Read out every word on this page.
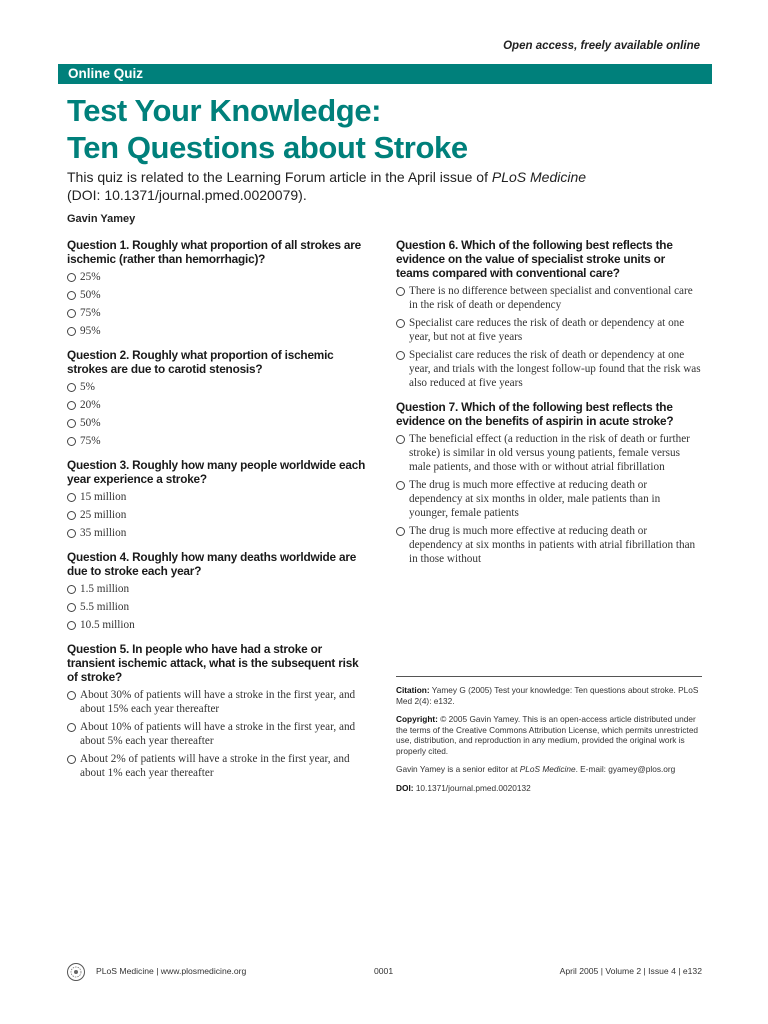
Open access, freely available online
Online Quiz
Test Your Knowledge:
Ten Questions about Stroke
This quiz is related to the Learning Forum article in the April issue of PLoS Medicine
(DOI: 10.1371/journal.pmed.0020079).
Gavin Yamey
Question 1. Roughly what proportion of all strokes are ischemic (rather than hemorrhagic)?
25%
50%
75%
95%
Question 2. Roughly what proportion of ischemic strokes are due to carotid stenosis?
5%
20%
50%
75%
Question 3. Roughly how many people worldwide each year experience a stroke?
15 million
25 million
35 million
Question 4. Roughly how many deaths worldwide are due to stroke each year?
1.5 million
5.5 million
10.5 million
Question 5. In people who have had a stroke or transient ischemic attack, what is the subsequent risk of stroke?
About 30% of patients will have a stroke in the first year, and about 15% each year thereafter
About 10% of patients will have a stroke in the first year, and about 5% each year thereafter
About 2% of patients will have a stroke in the first year, and about 1% each year thereafter
Question 6. Which of the following best reflects the evidence on the value of specialist stroke units or teams compared with conventional care?
There is no difference between specialist and conventional care in the risk of death or dependency
Specialist care reduces the risk of death or dependency at one year, but not at five years
Specialist care reduces the risk of death or dependency at one year, and trials with the longest follow-up found that the risk was also reduced at five years
Question 7. Which of the following best reflects the evidence on the benefits of aspirin in acute stroke?
The beneficial effect (a reduction in the risk of death or further stroke) is similar in old versus young patients, female versus male patients, and those with or without atrial fibrillation
The drug is much more effective at reducing death or dependency at six months in older, male patients than in younger, female patients
The drug is much more effective at reducing death or dependency at six months in patients with atrial fibrillation than in those without

Citation: Yamey G (2005) Test your knowledge: Ten questions about stroke. PLoS Med 2(4): e132.

Copyright: © 2005 Gavin Yamey. This is an open-access article distributed under the terms of the Creative Commons Attribution License, which permits unrestricted use, distribution, and reproduction in any medium, provided the original work is properly cited.

Gavin Yamey is a senior editor at PLoS Medicine. E-mail: gyamey@plos.org

DOI: 10.1371/journal.pmed.0020132

PLoS Medicine | www.plosmedicine.org	0001	April 2005 | Volume 2 | Issue 4 | e132
